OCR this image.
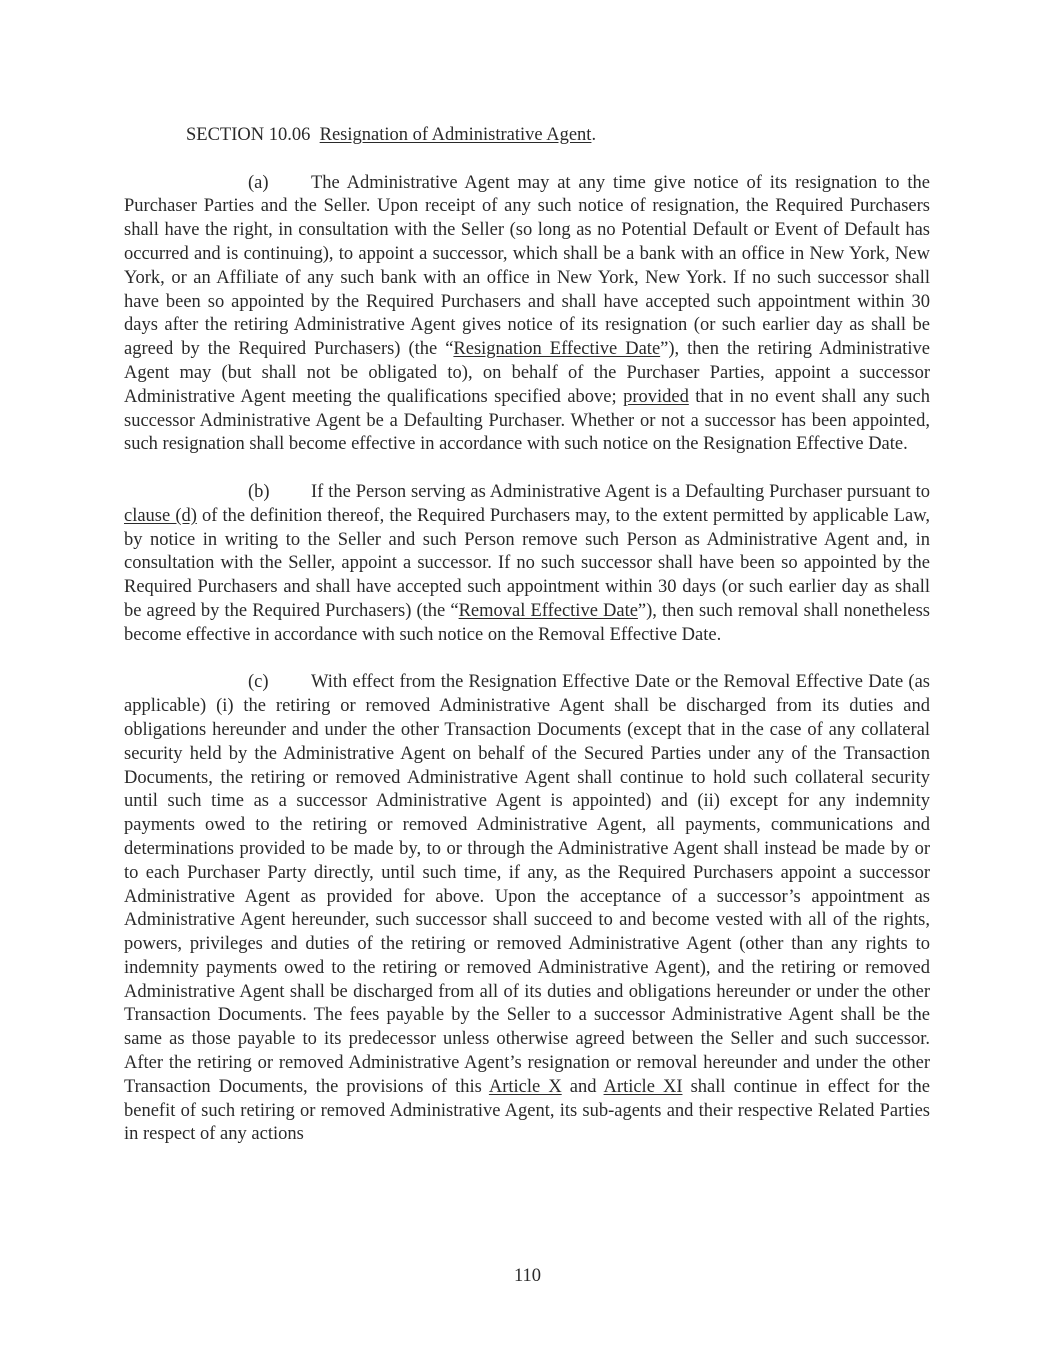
SECTION 10.06 Resignation of Administrative Agent.

(a) The Administrative Agent may at any time give notice of its resignation to the Purchaser Parties and the Seller. Upon receipt of any such notice of resignation, the Required Purchasers shall have the right, in consultation with the Seller (so long as no Potential Default or Event of Default has occurred and is continuing), to appoint a successor, which shall be a bank with an office in New York, New York, or an Affiliate of any such bank with an office in New York, New York. If no such successor shall have been so appointed by the Required Purchasers and shall have accepted such appointment within 30 days after the retiring Administrative Agent gives notice of its resignation (or such earlier day as shall be agreed by the Required Purchasers) (the “Resignation Effective Date”), then the retiring Administrative Agent may (but shall not be obligated to), on behalf of the Purchaser Parties, appoint a successor Administrative Agent meeting the qualifications specified above; provided that in no event shall any such successor Administrative Agent be a Defaulting Purchaser. Whether or not a successor has been appointed, such resignation shall become effective in accordance with such notice on the Resignation Effective Date.

(b) If the Person serving as Administrative Agent is a Defaulting Purchaser pursuant to clause (d) of the definition thereof, the Required Purchasers may, to the extent permitted by applicable Law, by notice in writing to the Seller and such Person remove such Person as Administrative Agent and, in consultation with the Seller, appoint a successor. If no such successor shall have been so appointed by the Required Purchasers and shall have accepted such appointment within 30 days (or such earlier day as shall be agreed by the Required Purchasers) (the “Removal Effective Date”), then such removal shall nonetheless become effective in accordance with such notice on the Removal Effective Date.

(c) With effect from the Resignation Effective Date or the Removal Effective Date (as applicable) (i) the retiring or removed Administrative Agent shall be discharged from its duties and obligations hereunder and under the other Transaction Documents (except that in the case of any collateral security held by the Administrative Agent on behalf of the Secured Parties under any of the Transaction Documents, the retiring or removed Administrative Agent shall continue to hold such collateral security until such time as a successor Administrative Agent is appointed) and (ii) except for any indemnity payments owed to the retiring or removed Administrative Agent, all payments, communications and determinations provided to be made by, to or through the Administrative Agent shall instead be made by or to each Purchaser Party directly, until such time, if any, as the Required Purchasers appoint a successor Administrative Agent as provided for above. Upon the acceptance of a successor’s appointment as Administrative Agent hereunder, such successor shall succeed to and become vested with all of the rights, powers, privileges and duties of the retiring or removed Administrative Agent (other than any rights to indemnity payments owed to the retiring or removed Administrative Agent), and the retiring or removed Administrative Agent shall be discharged from all of its duties and obligations hereunder or under the other Transaction Documents. The fees payable by the Seller to a successor Administrative Agent shall be the same as those payable to its predecessor unless otherwise agreed between the Seller and such successor. After the retiring or removed Administrative Agent’s resignation or removal hereunder and under the other Transaction Documents, the provisions of this Article X and Article XI shall continue in effect for the benefit of such retiring or removed Administrative Agent, its sub-agents and their respective Related Parties in respect of any actions

110
